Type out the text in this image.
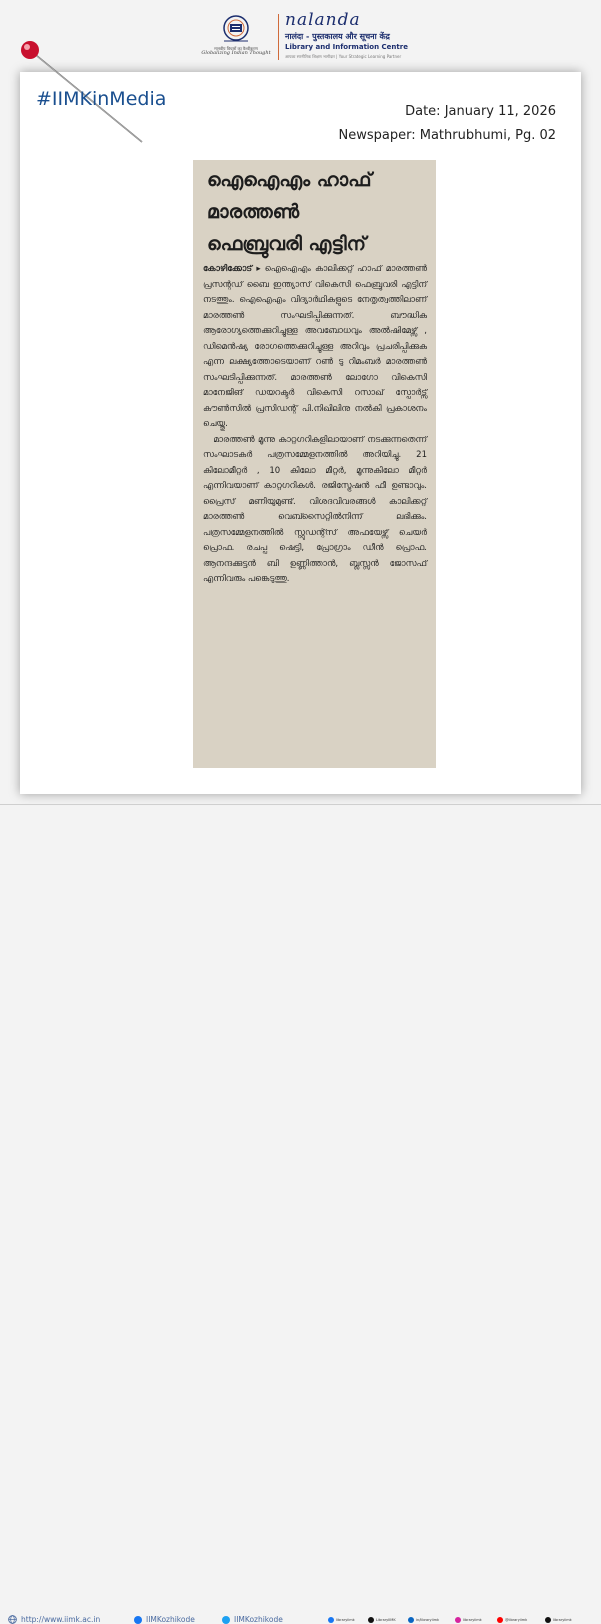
मानवीय विचारों का वैश्वीकरण
Globalizing Indian Thought
nalanda
नालंदा - पुस्तकालय और सूचना केंद्र
Library and Information Centre
आपका रणनीतिक शिक्षण भागीदार | Your Strategic Learning Partner
#IIMKinMedia
Date: January 11, 2026
Newspaper: Mathrubhumi, Pg. 02
ഐഐഎം ഹാഫ്
മാരത്തൺ
ഫെബ്രുവരി എട്ടിന്

കോഴിക്കോട് ▸ ഐഐഎം കാലിക്കറ്റ് ഹാഫ് മാരത്തൺ പ്രസന്റഡ് ബൈ ഇന്ത്യാസ് വികെസി ഫെബ്രുവരി എട്ടിന് നടത്തും. ഐഐഎം വിദ്യാർഥികളുടെ നേതൃത്വത്തിലാണ് മാരത്തൺ സംഘടിപ്പിക്കുന്നത്. ബൗദ്ധിക ആരോഗ്യത്തെക്കുറിച്ചുള്ള അവബോധവും അൽഷിമേഴ്സ് , ഡിമെൻഷ്യ രോഗത്തെക്കുറിച്ചുള്ള അറിവും പ്രചരിപ്പിക്കുക എന്ന ലക്ഷ്യത്തോടെയാണ് റൺ ടു റിമംബർ മാരത്തൺ സംഘടിപ്പിക്കുന്നത്. മാരത്തൺ ലോഗോ വികെസി മാനേജിങ് ഡയറക്ടർ വികെസി റസാഖ് സ്പോർട്സ് കൗൺസിൽ പ്രസിഡന്റ് പി.നിഖിലിനു നൽകി പ്രകാശനം ചെയ്തു.

മാരത്തൺ മൂന്നു കാറ്റഗറികളിലായാണ് നടക്കുന്നതെന്ന് സംഘാടകർ പത്രസമ്മേളനത്തിൽ അറിയിച്ചു. 21 കിലോമീറ്റർ , 10 കിലോ മീറ്റർ, മൂന്നുകിലോ മീറ്റർ എന്നിവയാണ് കാറ്റഗറികൾ. രജിസ്ട്രേഷൻ ഫീ ഉണ്ടാവും. പ്രൈസ് മണിയുമുണ്ട്. വിശദവിവരങ്ങൾ കാലിക്കറ്റ് മാരത്തൺ വെബ്സൈറ്റിൽനിന്ന് ലഭിക്കും. പത്രസമ്മേളനത്തിൽ സ്റ്റുഡന്റ്സ് അഫയേഴ്സ് ചെയർ പ്രൊഫ. രചപ്പ ഷെട്ടി, പ്രോഗ്രാം ഡീൻ പ്രൊഫ. ആനന്ദക്കുട്ടൻ ബി ഉണ്ണിത്താൻ, ബ്ലസ്സൻ ജോസഫ് എന്നിവരും പങ്കെടുത്തു.

http://www.iimk.ac.in	IIMKozhikode	IIMKozhikode	libraryiimk	LibraryIIMK	in/libraryiimk	libraryiimk	@libraryiimk	libraryiimk
